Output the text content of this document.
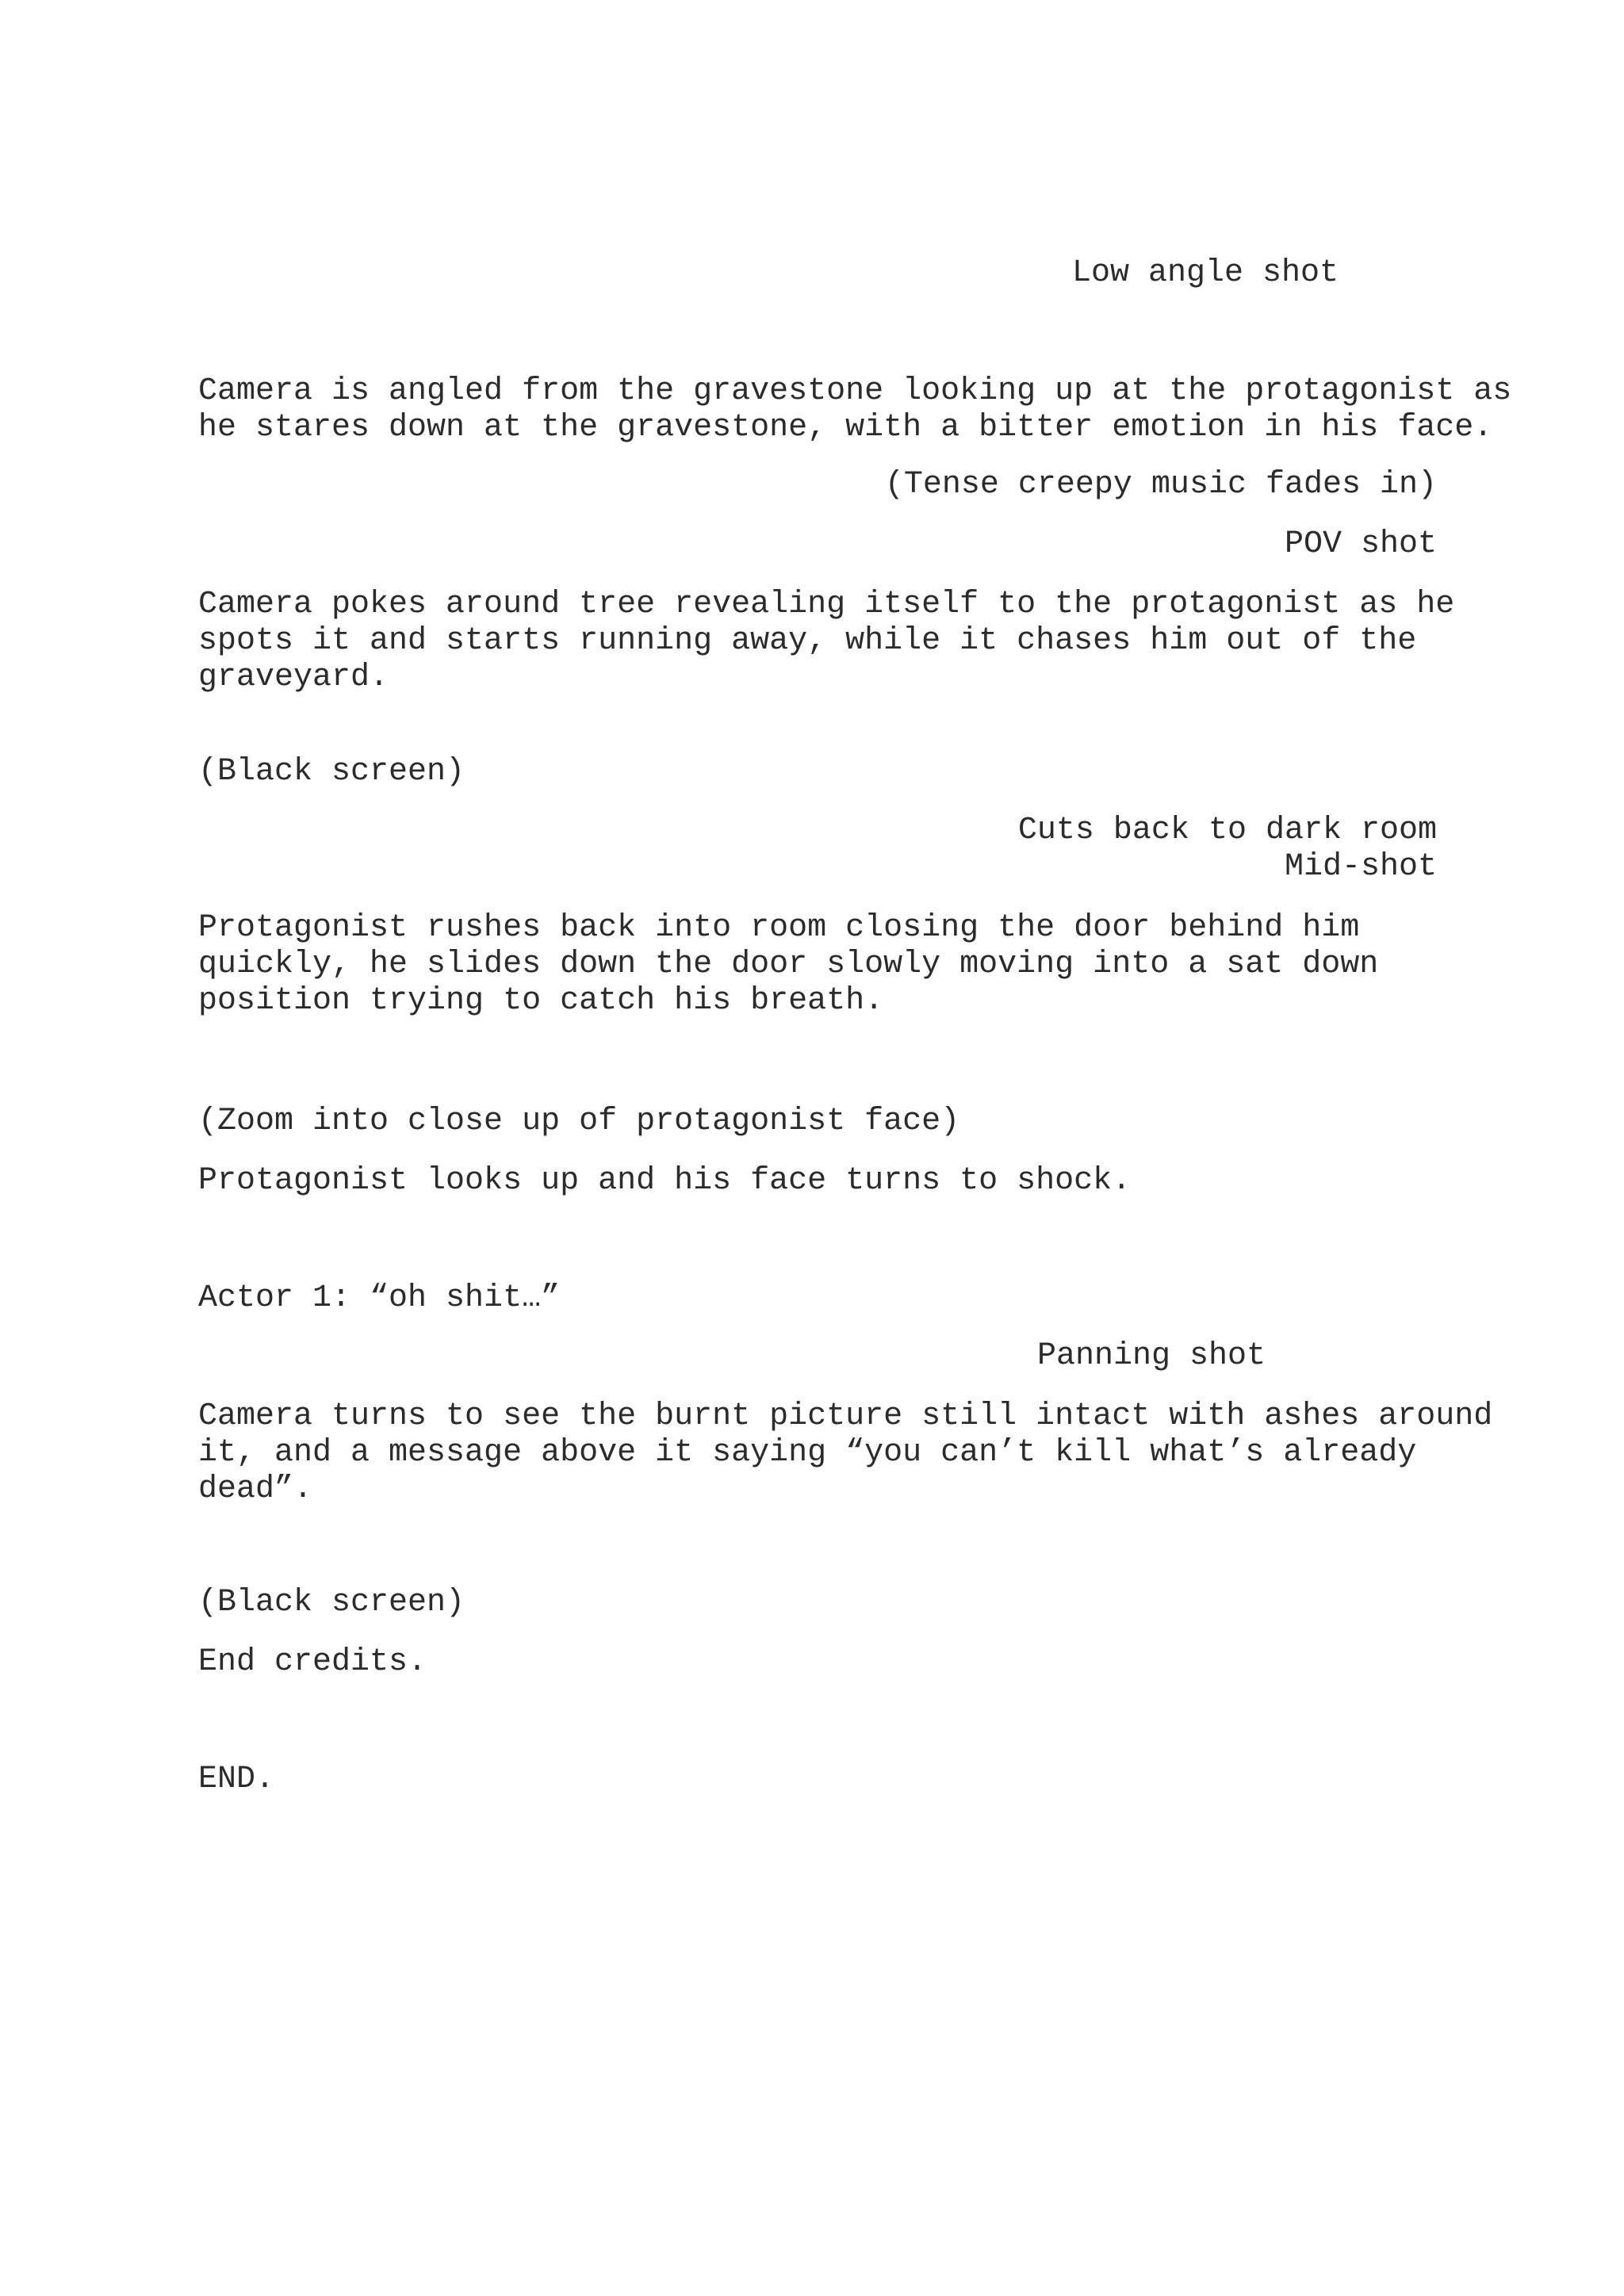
Low angle shot

Camera is angled from the gravestone looking up at the protagonist as
he stares down at the gravestone, with a bitter emotion in his face.

(Tense creepy music fades in)

POV shot

Camera pokes around tree revealing itself to the protagonist as he
spots it and starts running away, while it chases him out of the
graveyard.

(Black screen)

Cuts back to dark room

Mid-shot

Protagonist rushes back into room closing the door behind him
quickly, he slides down the door slowly moving into a sat down
position trying to catch his breath.

(Zoom into close up of protagonist face)

Protagonist looks up and his face turns to shock.

Actor 1: “oh shit…”

Panning shot

Camera turns to see the burnt picture still intact with ashes around
it, and a message above it saying “you can’t kill what’s already
dead”.

(Black screen)

End credits.

END.
